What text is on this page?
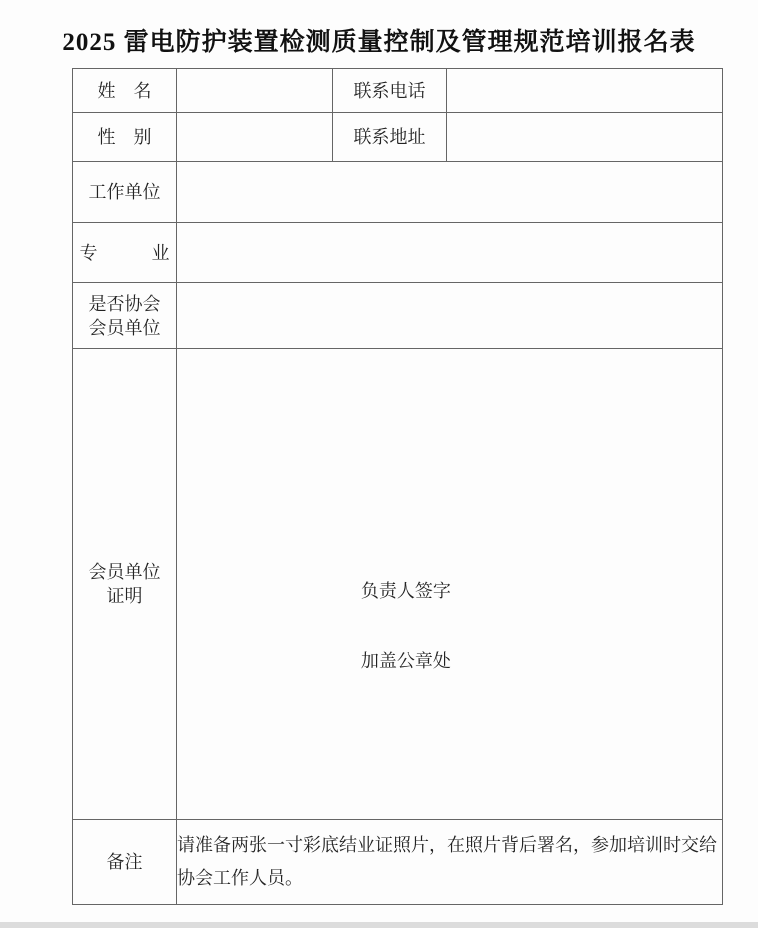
2025 雷电防护装置检测质量控制及管理规范培训报名表
姓　名		联系电话	
性　别		联系地址	
工作单位			
专　　　业			

是否协会
会员单位			

会员单位
证明	负责人签字
加盖公章处

备注	请准备两张一寸彩底结业证照片，在照片背后署名，参加培训时交给协会工作人员。		
